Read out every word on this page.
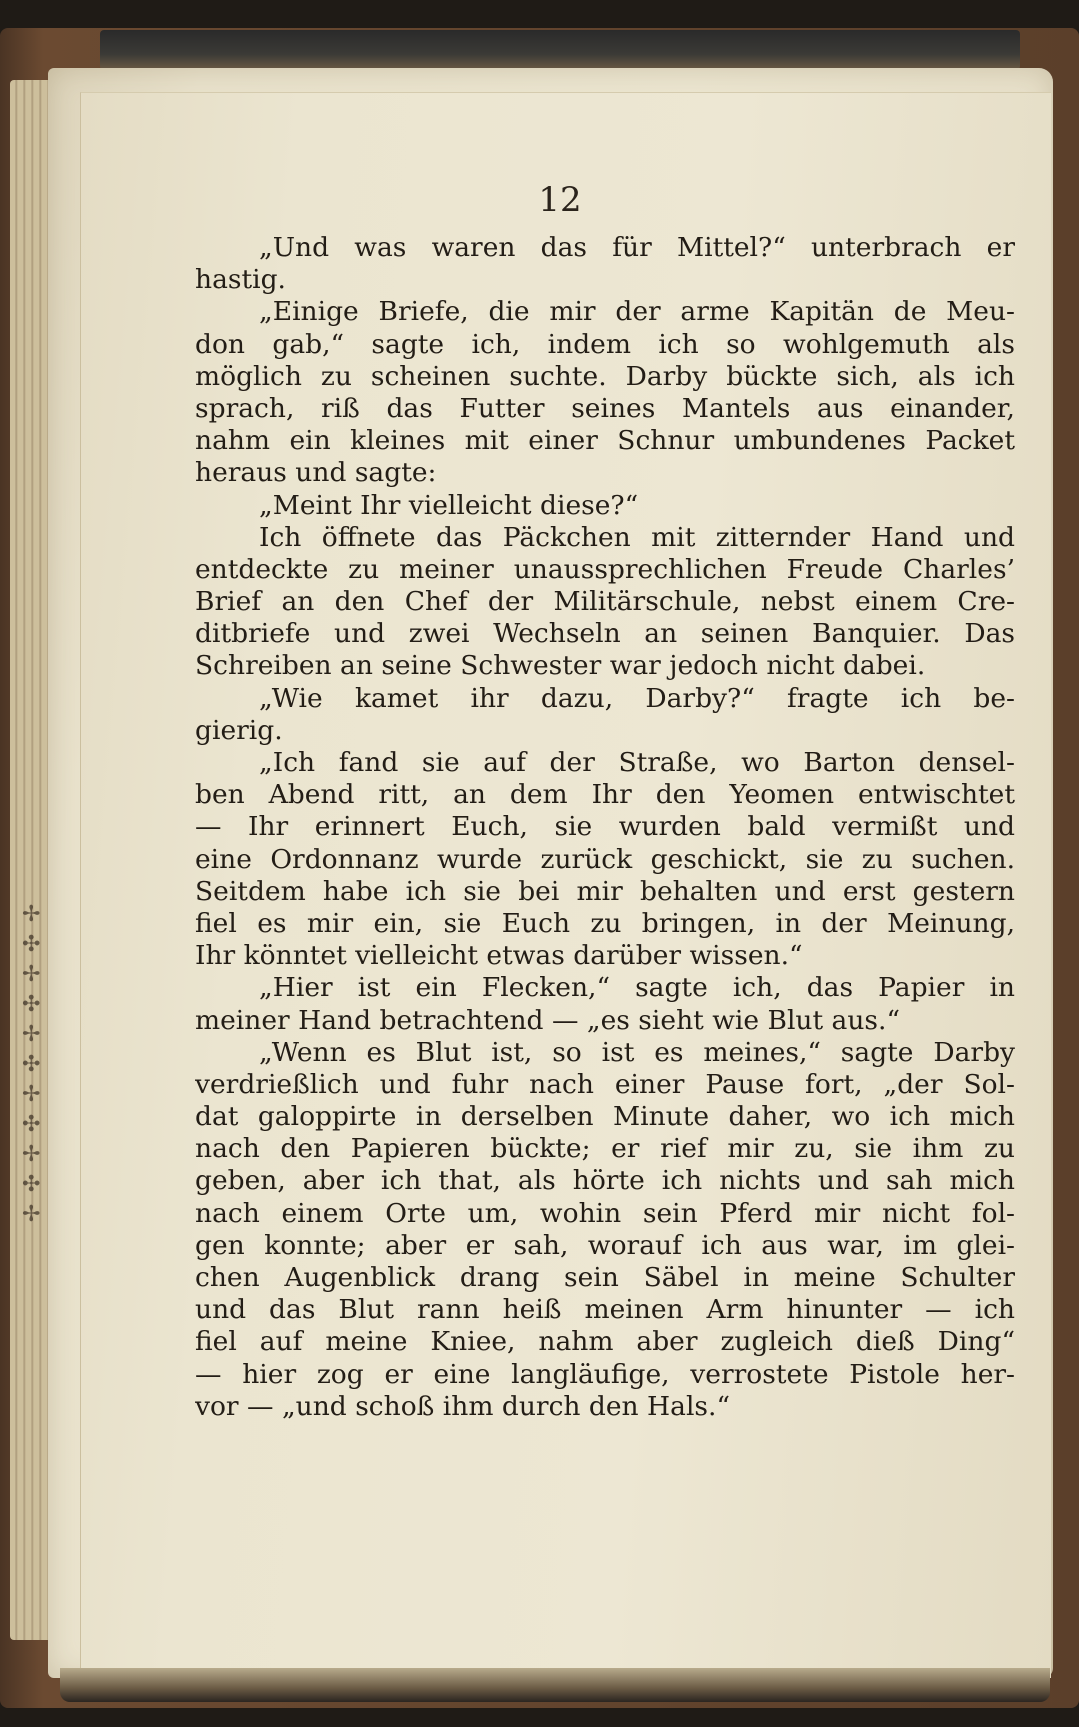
✢
✣
✢
✣
✢
✣
✢
✣
✢
✣
✢
12
„Und was waren das für Mittel?“ unterbrach er
hastig.
„Einige Briefe, die mir der arme Kapitän de Meu-
don gab,“ sagte ich, indem ich so wohlgemuth als
möglich zu scheinen suchte. Darby bückte sich, als ich
sprach, riß das Futter seines Mantels aus einander,
nahm ein kleines mit einer Schnur umbundenes Packet
heraus und sagte:
„Meint Ihr vielleicht diese?“
Ich öffnete das Päckchen mit zitternder Hand und
entdeckte zu meiner unaussprechlichen Freude Charles’
Brief an den Chef der Militärschule, nebst einem Cre-
ditbriefe und zwei Wechseln an seinen Banquier. Das
Schreiben an seine Schwester war jedoch nicht dabei.
„Wie kamet ihr dazu, Darby?“ fragte ich be-
gierig.
„Ich fand sie auf der Straße, wo Barton densel-
ben Abend ritt, an dem Ihr den Yeomen entwischtet
— Ihr erinnert Euch, sie wurden bald vermißt und
eine Ordonnanz wurde zurück geschickt, sie zu suchen.
Seitdem habe ich sie bei mir behalten und erst gestern
fiel es mir ein, sie Euch zu bringen, in der Meinung,
Ihr könntet vielleicht etwas darüber wissen.“
„Hier ist ein Flecken,“ sagte ich, das Papier in
meiner Hand betrachtend — „es sieht wie Blut aus.“
„Wenn es Blut ist, so ist es meines,“ sagte Darby
verdrießlich und fuhr nach einer Pause fort, „der Sol-
dat galoppirte in derselben Minute daher, wo ich mich
nach den Papieren bückte; er rief mir zu, sie ihm zu
geben, aber ich that, als hörte ich nichts und sah mich
nach einem Orte um, wohin sein Pferd mir nicht fol-
gen konnte; aber er sah, worauf ich aus war, im glei-
chen Augenblick drang sein Säbel in meine Schulter
und das Blut rann heiß meinen Arm hinunter — ich
fiel auf meine Kniee, nahm aber zugleich dieß Ding“
— hier zog er eine langläufige, verrostete Pistole her-
vor — „und schoß ihm durch den Hals.“
